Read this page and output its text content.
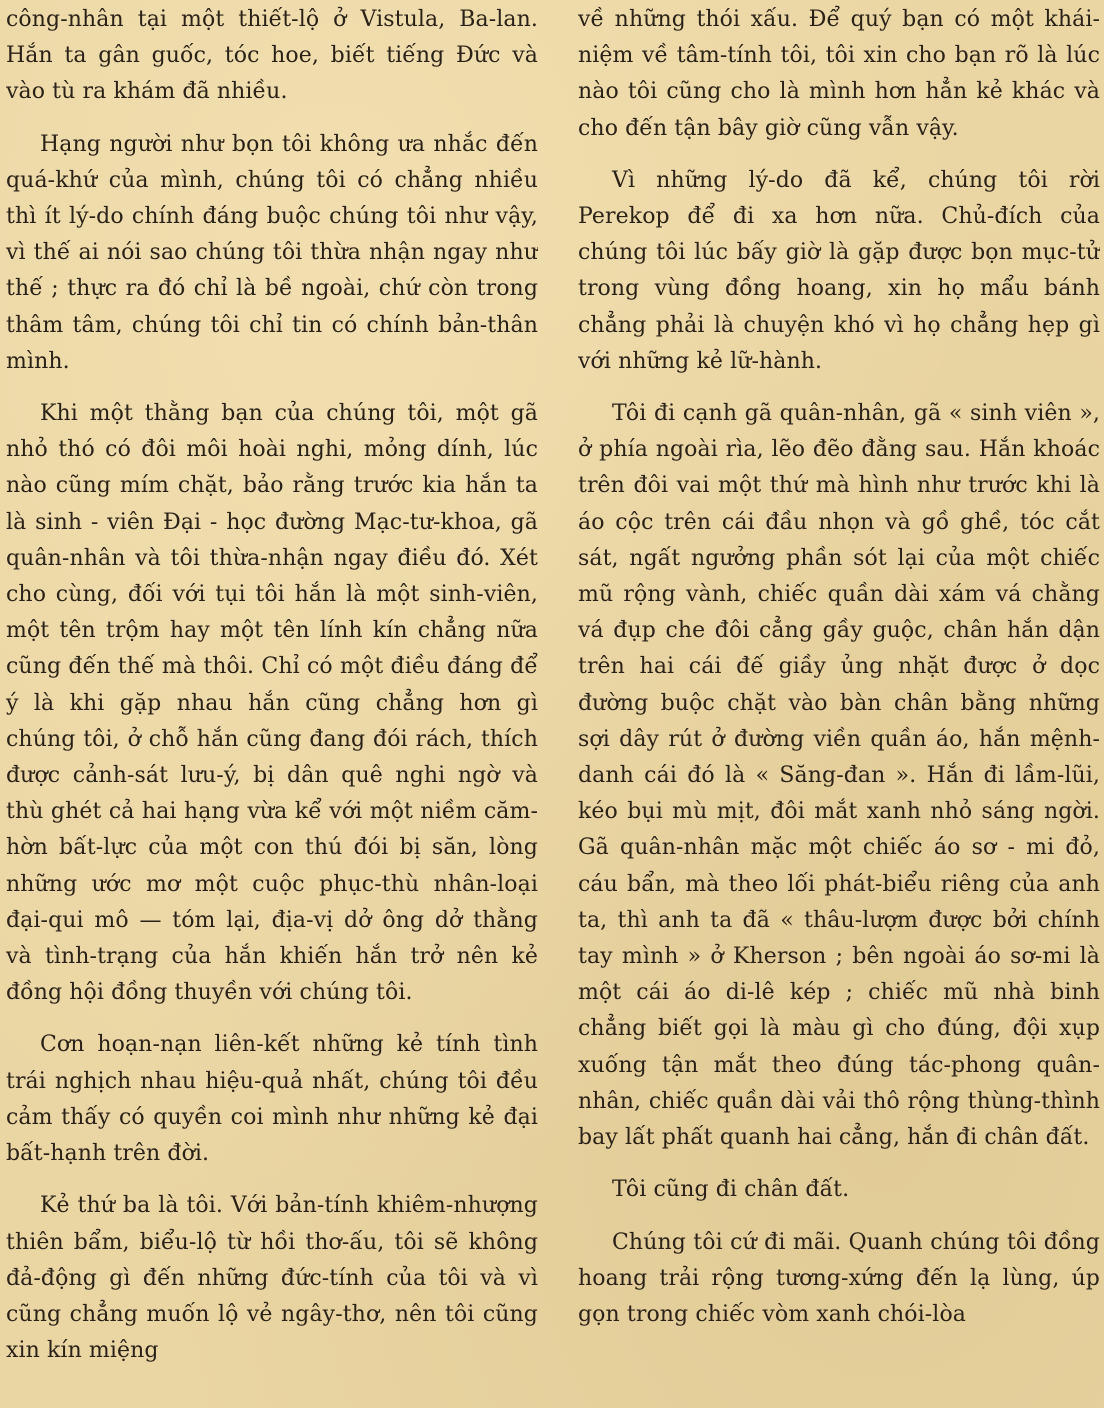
công-nhân tại một thiết-lộ ở Vistula, Ba-lan. Hắn ta gân guốc, tóc hoe, biết tiếng Đức và vào tù ra khám đã nhiều.

Hạng người như bọn tôi không ưa nhắc đến quá-khứ của mình, chúng tôi có chẳng nhiều thì ít lý-do chính đáng buộc chúng tôi như vậy, vì thế ai nói sao chúng tôi thừa nhận ngay như thế ; thực ra đó chỉ là bề ngoài, chứ còn trong thâm tâm, chúng tôi chỉ tin có chính bản-thân mình.

Khi một thằng bạn của chúng tôi, một gã nhỏ thó có đôi môi hoài nghi, mỏng dính, lúc nào cũng mím chặt, bảo rằng trước kia hắn ta là sinh - viên Đại - học đường Mạc-tư-khoa, gã quân-nhân và tôi thừa-nhận ngay điều đó. Xét cho cùng, đối với tụi tôi hắn là một sinh-viên, một tên trộm hay một tên lính kín chẳng nữa cũng đến thế mà thôi. Chỉ có một điều đáng để ý là khi gặp nhau hắn cũng chẳng hơn gì chúng tôi, ở chỗ hắn cũng đang đói rách, thích được cảnh-sát lưu-ý, bị dân quê nghi ngờ và thù ghét cả hai hạng vừa kể với một niềm căm-hờn bất-lực của một con thú đói bị săn, lòng những ước mơ một cuộc phục-thù nhân-loại đại-qui mô — tóm lại, địa-vị dở ông dở thằng và tình-trạng của hắn khiến hắn trở nên kẻ đồng hội đồng thuyền với chúng tôi.

Cơn hoạn-nạn liên-kết những kẻ tính tình trái nghịch nhau hiệu-quả nhất, chúng tôi đều cảm thấy có quyền coi mình như những kẻ đại bất-hạnh trên đời.

Kẻ thứ ba là tôi. Với bản-tính khiêm-nhượng thiên bẩm, biểu-lộ từ hồi thơ-ấu, tôi sẽ không đả-động gì đến những đức-tính của tôi và vì cũng chẳng muốn lộ vẻ ngây-thơ, nên tôi cũng xin kín miệng

về những thói xấu. Để quý bạn có một khái-niệm về tâm-tính tôi, tôi xin cho bạn rõ là lúc nào tôi cũng cho là mình hơn hẳn kẻ khác và cho đến tận bây giờ cũng vẫn vậy.

Vì những lý-do đã kể, chúng tôi rời Perekop để đi xa hơn nữa. Chủ-đích của chúng tôi lúc bấy giờ là gặp được bọn mục-tử trong vùng đồng hoang, xin họ mẩu bánh chẳng phải là chuyện khó vì họ chẳng hẹp gì với những kẻ lữ-hành.

Tôi đi cạnh gã quân-nhân, gã « sinh viên », ở phía ngoài rìa, lẽo đẽo đằng sau. Hắn khoác trên đôi vai một thứ mà hình như trước khi là áo cộc trên cái đầu nhọn và gồ ghề, tóc cắt sát, ngất ngưởng phần sót lại của một chiếc mũ rộng vành, chiếc quần dài xám vá chằng vá đụp che đôi cẳng gầy guộc, chân hắn dận trên hai cái đế giầy ủng nhặt được ở dọc đường buộc chặt vào bàn chân bằng những sợi dây rút ở đường viền quần áo, hắn mệnh-danh cái đó là « Săng-đan ». Hắn đi lầm-lũi, kéo bụi mù mịt, đôi mắt xanh nhỏ sáng ngời. Gã quân-nhân mặc một chiếc áo sơ - mi đỏ, cáu bẩn, mà theo lối phát-biểu riêng của anh ta, thì anh ta đã « thâu-lượm được bởi chính tay mình » ở Kherson ; bên ngoài áo sơ-mi là một cái áo di-lê kép ; chiếc mũ nhà binh chẳng biết gọi là màu gì cho đúng, đội xụp xuống tận mắt theo đúng tác-phong quân-nhân, chiếc quần dài vải thô rộng thùng-thình bay lất phất quanh hai cẳng, hắn đi chân đất.

Tôi cũng đi chân đất.

Chúng tôi cứ đi mãi. Quanh chúng tôi đồng hoang trải rộng tương-xứng đến lạ lùng, úp gọn trong chiếc vòm xanh chói-lòa
